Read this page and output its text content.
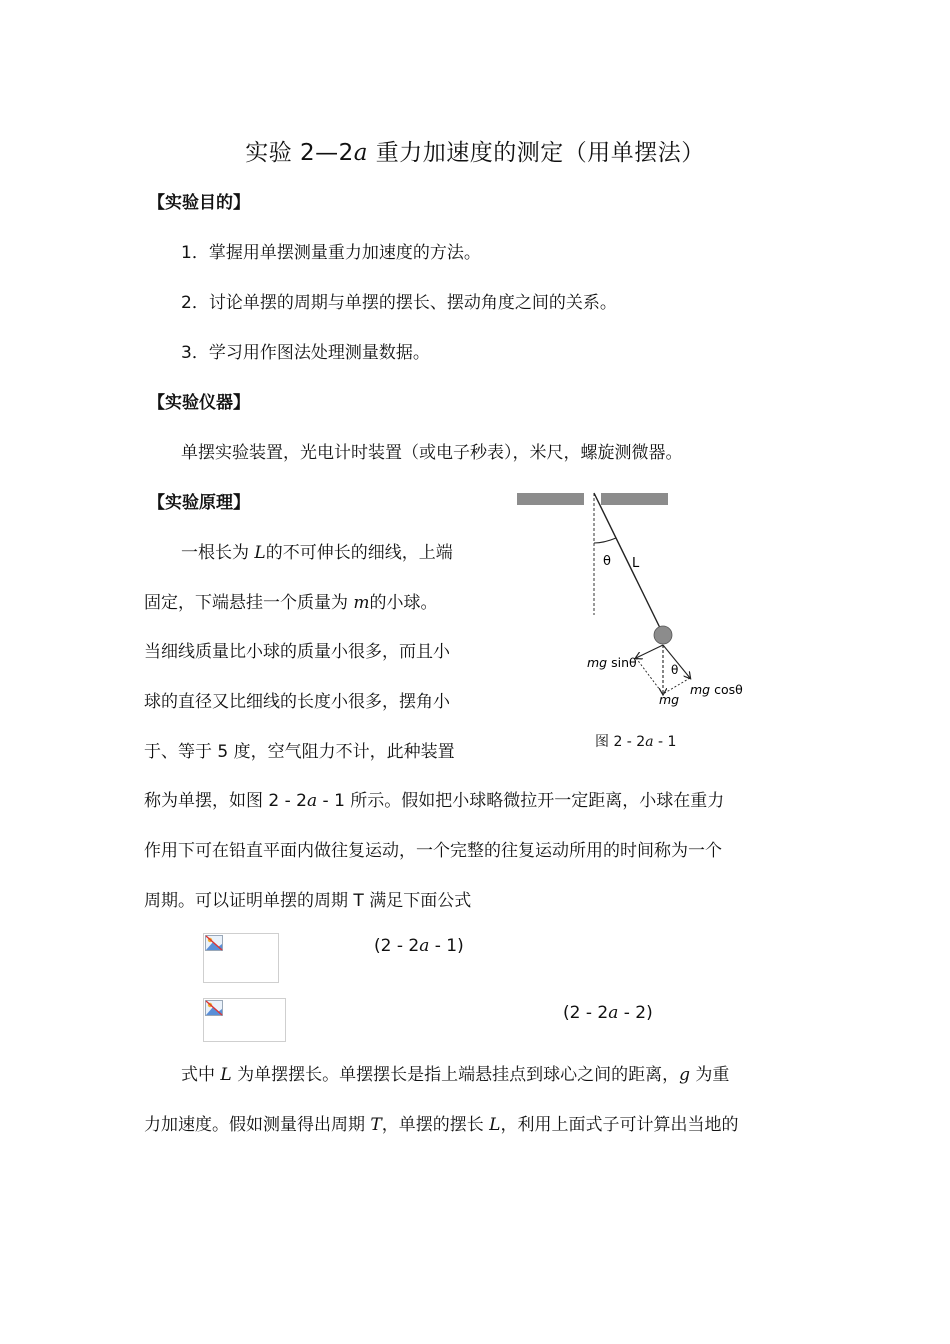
实验 2—2a 重力加速度的测定（用单摆法）
【实验目的】
1．掌握用单摆测量重力加速度的方法。
2．讨论单摆的周期与单摆的摆长、摆动角度之间的关系。
3．学习用作图法处理测量数据。
【实验仪器】
单摆实验装置，光电计时装置（或电子秒表），米尺，螺旋测微器。
【实验原理】
一根长为 L的不可伸长的细线，上端
固定，下端悬挂一个质量为 m的小球。
当细线质量比小球的质量小很多，而且小
球的直径又比细线的长度小很多，摆角小
于、等于 5 度，空气阻力不计，此种装置
称为单摆，如图 2 - 2a - 1 所示。假如把小球略微拉开一定距离，小球在重力
作用下可在铅直平面内做往复运动，一个完整的往复运动所用的时间称为一个
周期。可以证明单摆的周期 T 满足下面公式
(2 - 2a - 1)
(2 - 2a - 2)
式中 L 为单摆摆长。单摆摆长是指上端悬挂点到球心之间的距离，g 为重
力加速度。假如测量得出周期 T，单摆的摆长 L，利用上面式子可计算出当地的
θ L
mg sinθ	θ
mg cosθ
mg
图 2 - 2a - 1
